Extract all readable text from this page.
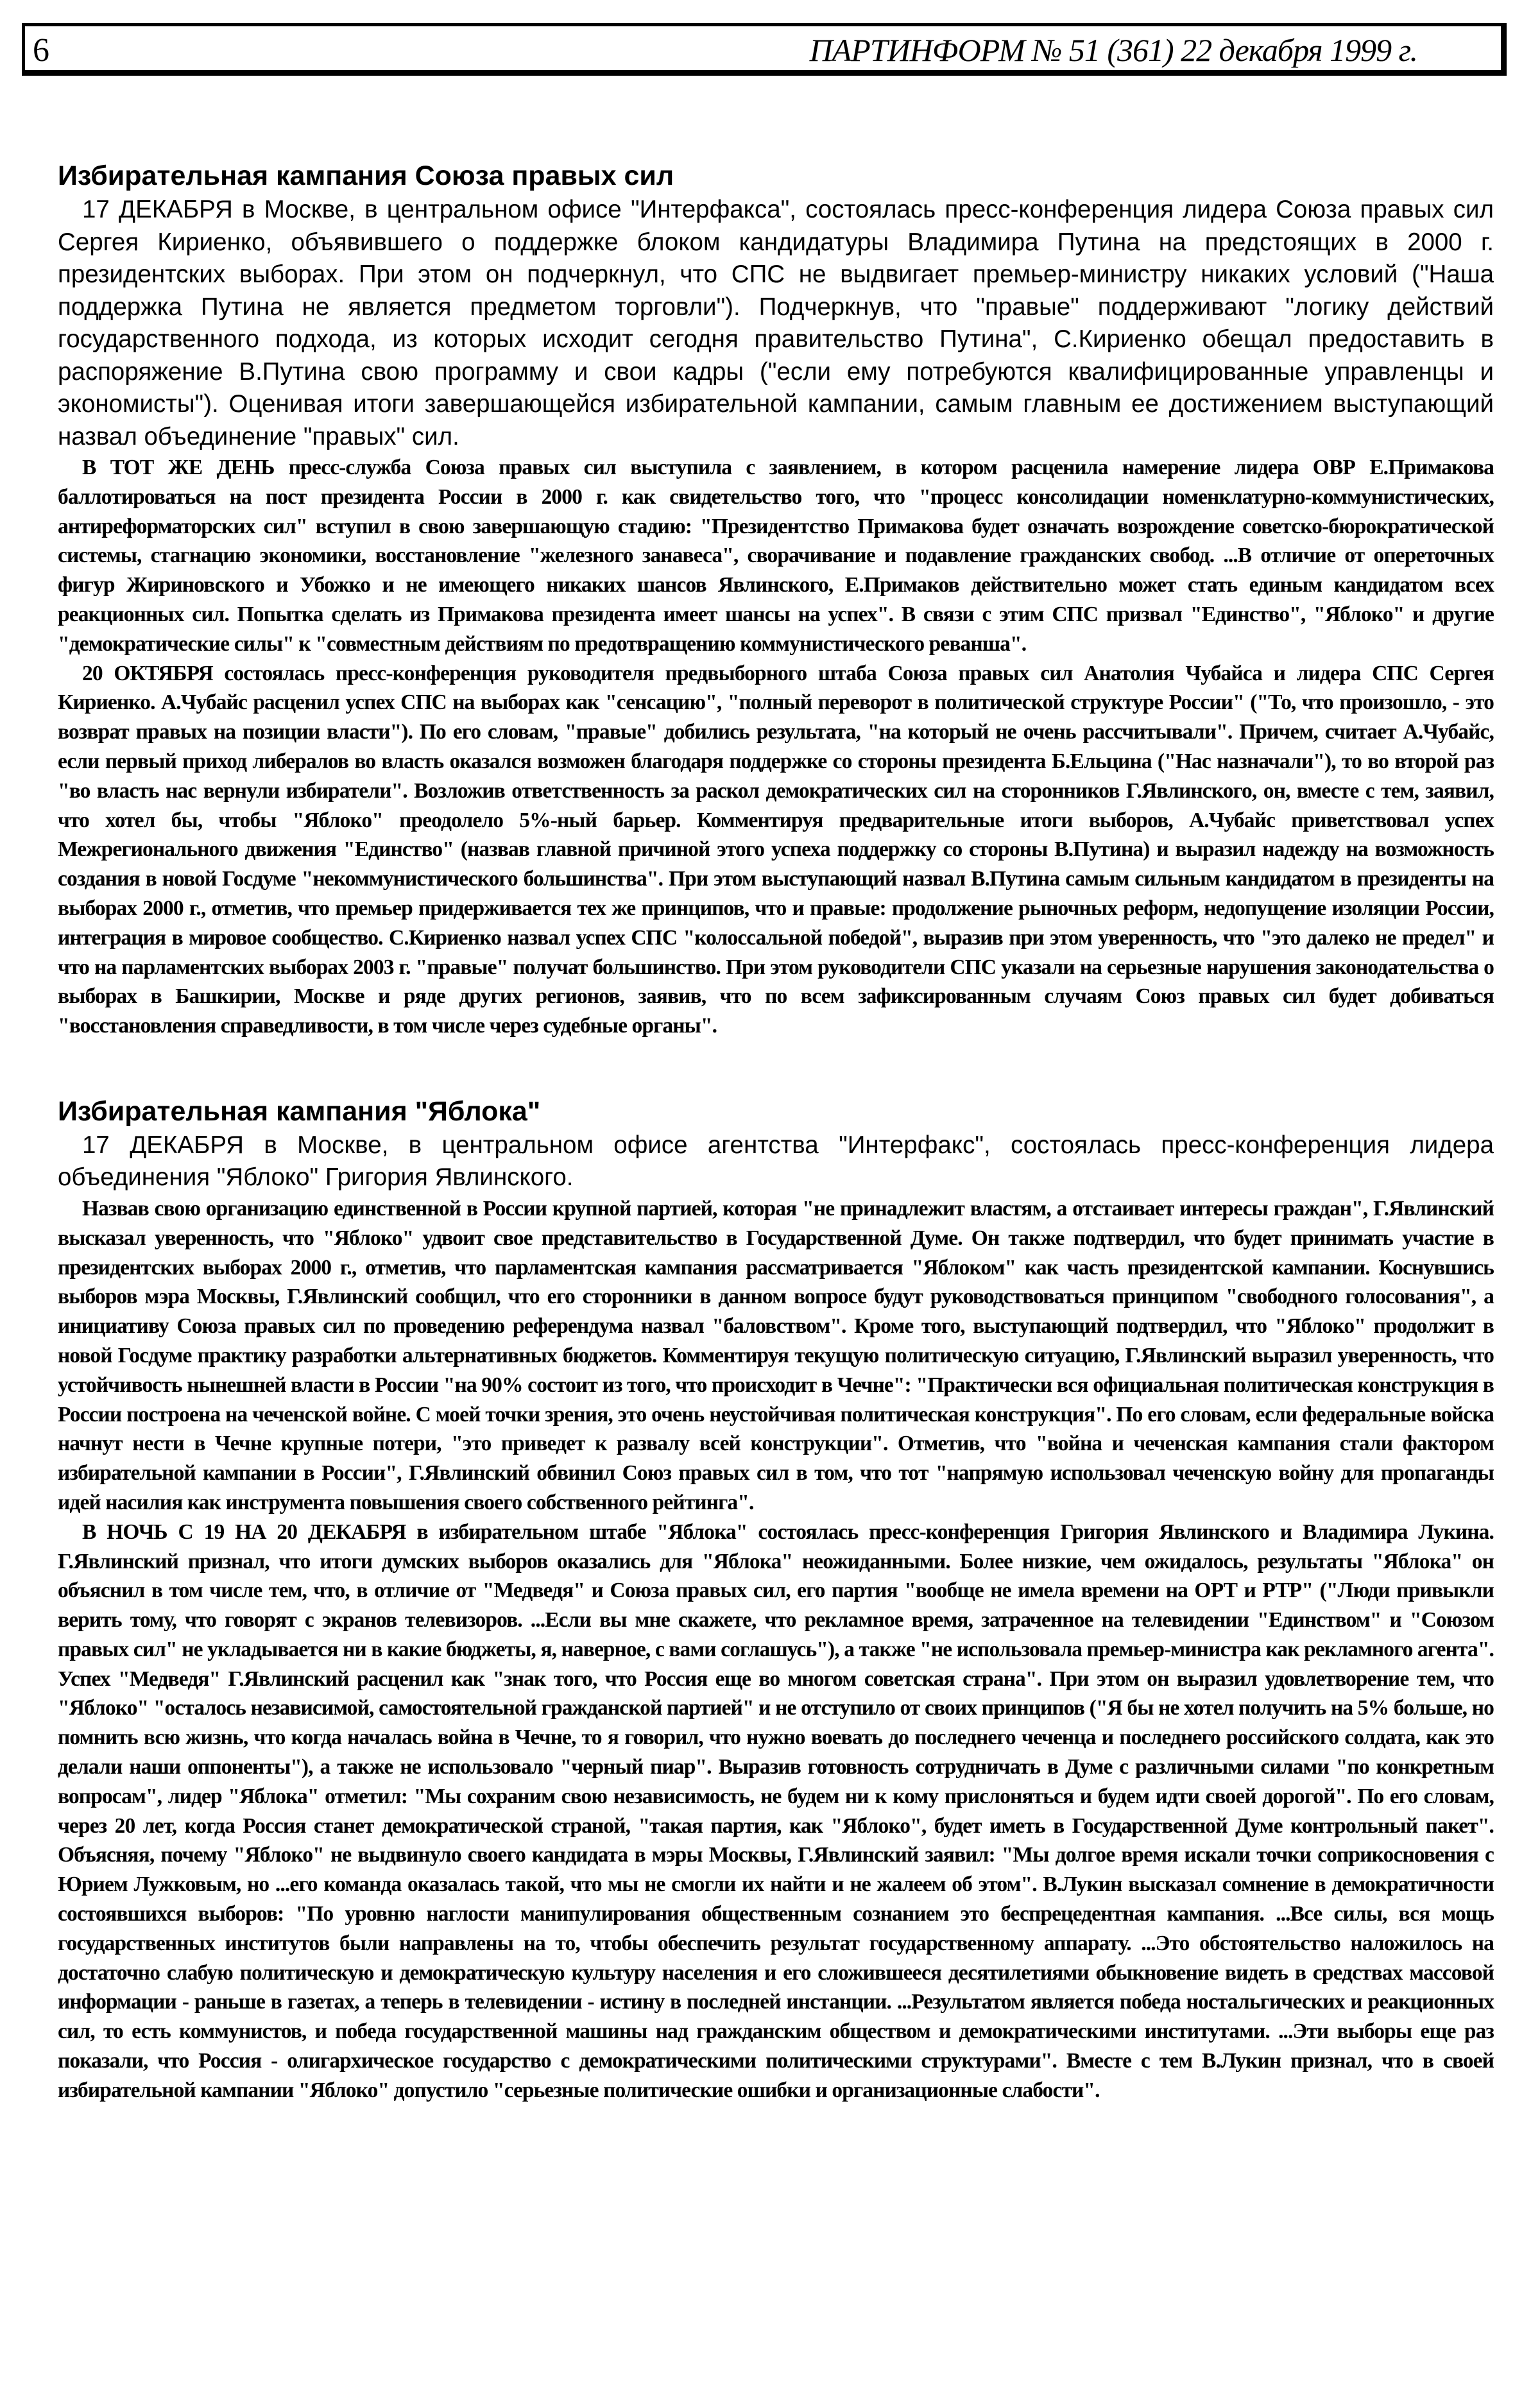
6	ПАРТИНФОРМ № 51 (361) 22 декабря 1999 г.
Избирательная кампания Союза правых сил

17 ДЕКАБРЯ в Москве, в центральном офисе "Интерфакса", состоялась пресс-конференция лидера Союза правых сил Сергея Кириенко, объявившего о поддержке блоком кандидатуры Владимира Путина на предстоящих в 2000 г. президентских выборах. При этом он подчеркнул, что СПС не выдвигает премьер-министру никаких условий ("Наша поддержка Путина не является предметом торговли"). Подчеркнув, что "правые" поддерживают "логику действий государственного подхода, из которых исходит сегодня правительство Путина", С.Кириенко обещал предоставить в распоряжение В.Путина свою программу и свои кадры ("если ему потребуются квалифицированные управленцы и экономисты"). Оценивая итоги завершающейся избирательной кампании, самым главным ее достижением выступающий назвал объединение "правых" сил.

В ТОТ ЖЕ ДЕНЬ пресс-служба Союза правых сил выступила с заявлением, в котором расценила намерение лидера ОВР Е.Примакова баллотироваться на пост президента России в 2000 г. как свидетельство того, что "процесс консолидации номенклатурно-коммунистических, антиреформаторских сил" вступил в свою завершающую стадию: "Президентство Примакова будет означать возрождение советско-бюрократической системы, стагнацию экономики, восстановление "железного занавеса", сворачивание и подавление гражданских свобод. ...В отличие от опереточных фигур Жириновского и Убожко и не имеющего никаких шансов Явлинского, Е.Примаков действительно может стать единым кандидатом всех реакционных сил. Попытка сделать из Примакова президента имеет шансы на успех". В связи с этим СПС призвал "Единство", "Яблоко" и другие "демократические силы" к "совместным действиям по предотвращению коммунистического реванша".

20 ОКТЯБРЯ состоялась пресс-конференция руководителя предвыборного штаба Союза правых сил Анатолия Чубайса и лидера СПС Сергея Кириенко. А.Чубайс расценил успех СПС на выборах как "сенсацию", "полный переворот в политической структуре России" ("То, что произошло, - это возврат правых на позиции власти"). По его словам, "правые" добились результата, "на который не очень рассчитывали". Причем, считает А.Чубайс, если первый приход либералов во власть оказался возможен благодаря поддержке со стороны президента Б.Ельцина ("Нас назначали"), то во второй раз "во власть нас вернули избиратели". Возложив ответственность за раскол демократических сил на сторонников Г.Явлинского, он, вместе с тем, заявил, что хотел бы, чтобы "Яблоко" преодолело 5%-ный барьер. Комментируя предварительные итоги выборов, А.Чубайс приветствовал успех Межрегионального движения "Единство" (назвав главной причиной этого успеха поддержку со стороны В.Путина) и выразил надежду на возможность создания в новой Госдуме "некоммунистического большинства". При этом выступающий назвал В.Путина самым сильным кандидатом в президенты на выборах 2000 г., отметив, что премьер придерживается тех же принципов, что и правые: продолжение рыночных реформ, недопущение изоляции России, интеграция в мировое сообщество. С.Кириенко назвал успех СПС "колоссальной победой", выразив при этом уверенность, что "это далеко не предел" и что на парламентских выборах 2003 г. "правые" получат большинство. При этом руководители СПС указали на серьезные нарушения законодательства о выборах в Башкирии, Москве и ряде других регионов, заявив, что по всем зафиксированным случаям Союз правых сил будет добиваться "восстановления справедливости, в том числе через судебные органы".

Избирательная кампания "Яблока"

17 ДЕКАБРЯ в Москве, в центральном офисе агентства "Интерфакс", состоялась пресс-конференция лидера объединения "Яблоко" Григория Явлинского.

Назвав свою организацию единственной в России крупной партией, которая "не принадлежит властям, а отстаивает интересы граждан", Г.Явлинский высказал уверенность, что "Яблоко" удвоит свое представительство в Государственной Думе. Он также подтвердил, что будет принимать участие в президентских выборах 2000 г., отметив, что парламентская кампания рассматривается "Яблоком" как часть президентской кампании. Коснувшись выборов мэра Москвы, Г.Явлинский сообщил, что его сторонники в данном вопросе будут руководствоваться принципом "свободного голосования", а инициативу Союза правых сил по проведению референдума назвал "баловством". Кроме того, выступающий подтвердил, что "Яблоко" продолжит в новой Госдуме практику разработки альтернативных бюджетов. Комментируя текущую политическую ситуацию, Г.Явлинский выразил уверенность, что устойчивость нынешней власти в России "на 90% состоит из того, что происходит в Чечне": "Практически вся официальная политическая конструкция в России построена на чеченской войне. С моей точки зрения, это очень неустойчивая политическая конструкция". По его словам, если федеральные войска начнут нести в Чечне крупные потери, "это приведет к развалу всей конструкции". Отметив, что "война и чеченская кампания стали фактором избирательной кампании в России", Г.Явлинский обвинил Союз правых сил в том, что тот "напрямую использовал чеченскую войну для пропаганды идей насилия как инструмента повышения своего собственного рейтинга".

В НОЧЬ С 19 НА 20 ДЕКАБРЯ в избирательном штабе "Яблока" состоялась пресс-конференция Григория Явлинского и Владимира Лукина. Г.Явлинский признал, что итоги думских выборов оказались для "Яблока" неожиданными. Более низкие, чем ожидалось, результаты "Яблока" он объяснил в том числе тем, что, в отличие от "Медведя" и Союза правых сил, его партия "вообще не имела времени на ОРТ и РТР" ("Люди привыкли верить тому, что говорят с экранов телевизоров. ...Если вы мне скажете, что рекламное время, затраченное на телевидении "Единством" и "Союзом правых сил" не укладывается ни в какие бюджеты, я, наверное, с вами соглашусь"), а также "не использовала премьер-министра как рекламного агента". Успех "Медведя" Г.Явлинский расценил как "знак того, что Россия еще во многом советская страна". При этом он выразил удовлетворение тем, что "Яблоко" "осталось независимой, самостоятельной гражданской партией" и не отступило от своих принципов ("Я бы не хотел получить на 5% больше, но помнить всю жизнь, что когда началась война в Чечне, то я говорил, что нужно воевать до последнего чеченца и последнего российского солдата, как это делали наши оппоненты"), а также не использовало "черный пиар". Выразив готовность сотрудничать в Думе с различными силами "по конкретным вопросам", лидер "Яблока" отметил: "Мы сохраним свою независимость, не будем ни к кому прислоняться и будем идти своей дорогой". По его словам, через 20 лет, когда Россия станет демократической страной, "такая партия, как "Яблоко", будет иметь в Государственной Думе контрольный пакет". Объясняя, почему "Яблоко" не выдвинуло своего кандидата в мэры Москвы, Г.Явлинский заявил: "Мы долгое время искали точки соприкосновения с Юрием Лужковым, но ...его команда оказалась такой, что мы не смогли их найти и не жалеем об этом". В.Лукин высказал сомнение в демократичности состоявшихся выборов: "По уровню наглости манипулирования общественным сознанием это беспрецедентная кампания. ...Все силы, вся мощь государственных институтов были направлены на то, чтобы обеспечить результат государственному аппарату. ...Это обстоятельство наложилось на достаточно слабую политическую и демократическую культуру населения и его сложившееся десятилетиями обыкновение видеть в средствах массовой информации - раньше в газетах, а теперь в телевидении - истину в последней инстанции. ...Результатом является победа ностальгических и реакционных сил, то есть коммунистов, и победа государственной машины над гражданским обществом и демократическими институтами. ...Эти выборы еще раз показали, что Россия - олигархическое государство с демократическими политическими структурами". Вместе с тем В.Лукин признал, что в своей избирательной кампании "Яблоко" допустило "серьезные политические ошибки и организационные слабости".
